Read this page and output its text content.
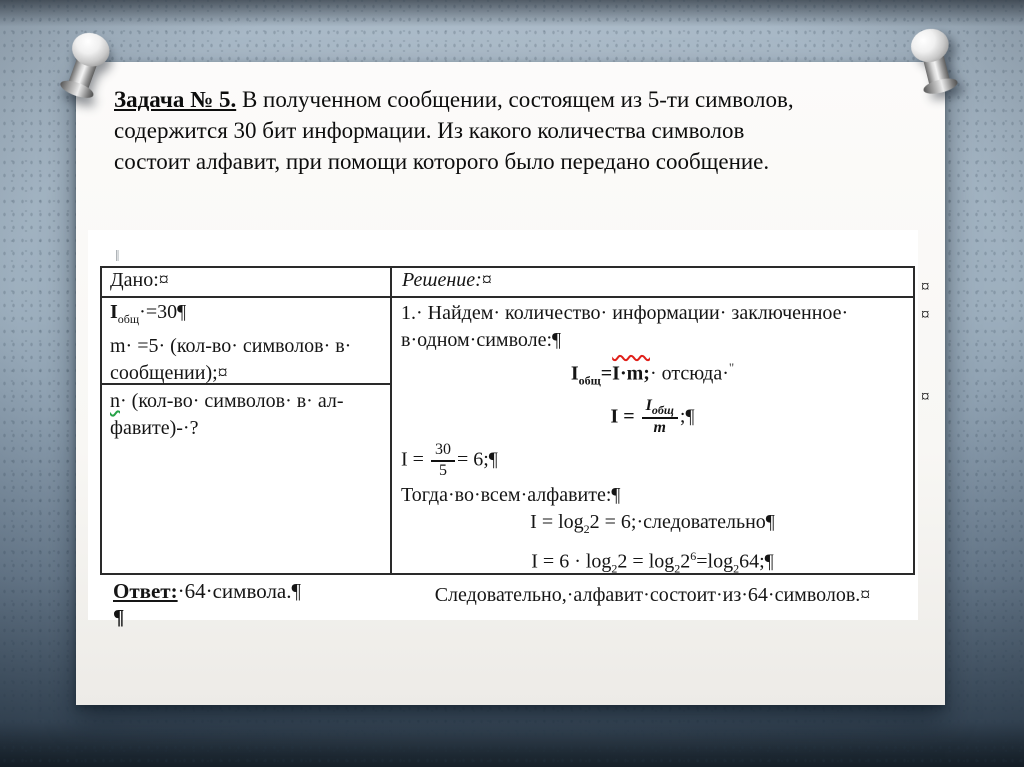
Задача № 5. В полученном сообщении, состоящем из 5-ти символов,
содержится 30 бит информации. Из какого количества символов
состоит алфавит, при помощи которого было передано сообщение.
‖
Дано:¤	Решение:¤
$I_{общ}\cdot=30\P$
m· =5· (кол-во· символов· в·
сообщении);¤
n· (кол-во· символов· в· ал-
фавите)-·?
1.· Найдем· количество· информации· заключенное·
в·одном·символе:¶
$I_{общ}=I\cdot m;\cdot$ отсюда·"
$I = \frac{I_{общ}}{m}$ ;¶
$I = \frac{30}{5}$ = 6;¶
Тогда·во·всем·алфавите:¶
$I = \log_22$ = 6;·следовательно¶
$I = 6 \cdot \log_22$ = $\log_22^6=\log_264;\P$
Следовательно,·алфавит·состоит·из·64·символов.¤
¤
¤
¤
Ответ:·64·символа.¶
¶
